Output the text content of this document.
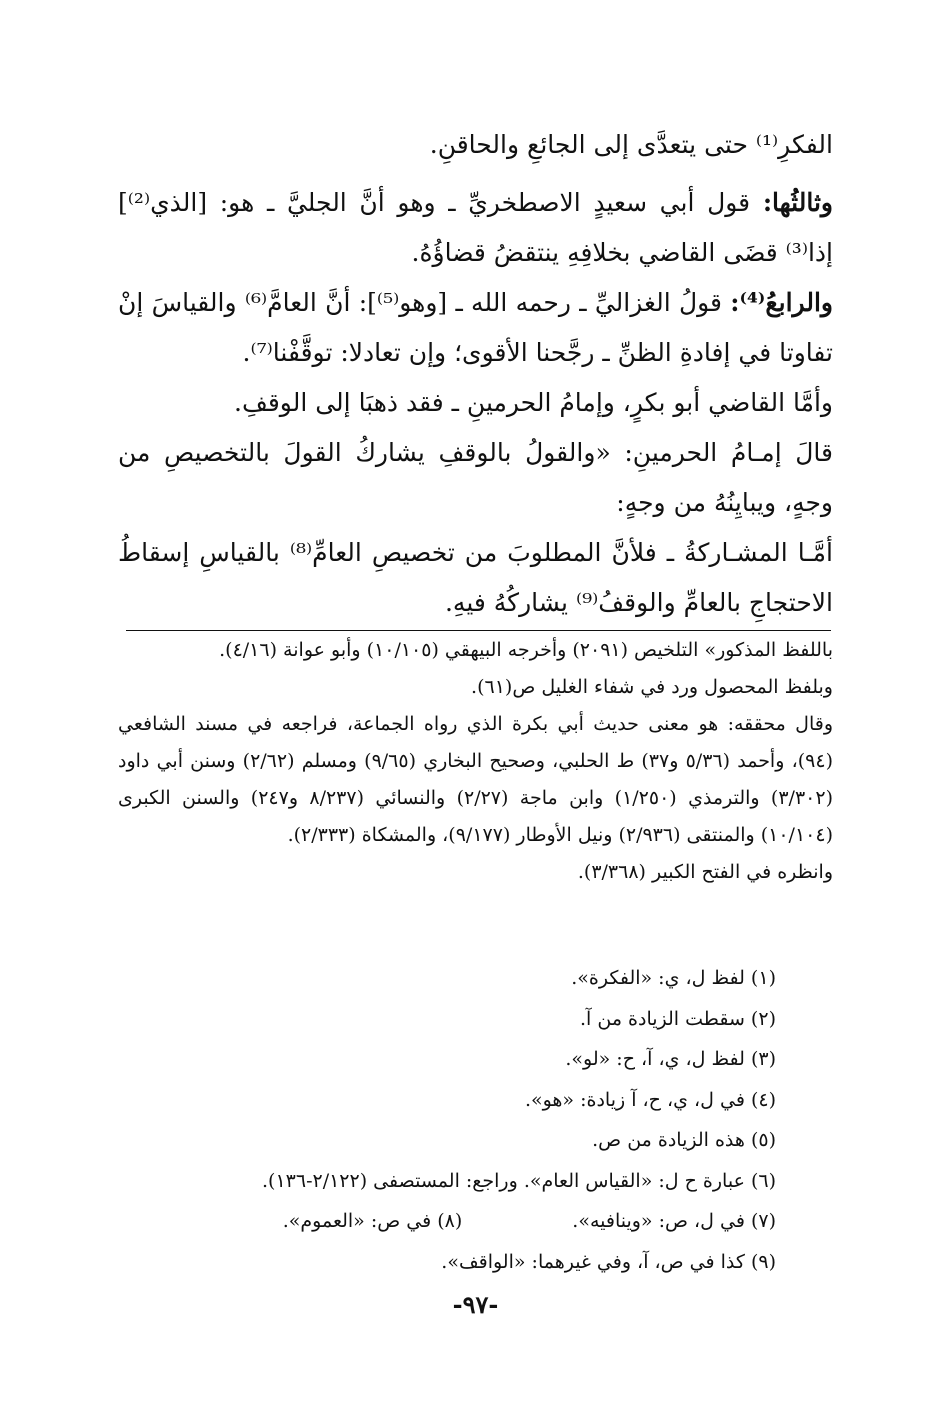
الفكرِ⁽¹⁾ حتى يتعدَّى إلى الجائعِ والحاقنِ.

وثالثُها: قول أبي سعيدٍ الاصطخريِّ ـ وهو أنَّ الجليَّ ـ هو: [الذي⁽²⁾] إذا⁽³⁾ قضَى القاضي بخلافِهِ ينتقضُ قضاؤُهُ.

والرابعُ⁽⁴⁾: قولُ الغزاليِّ ـ رحمه الله ـ [وهو⁽⁵⁾]: أنَّ العامَّ⁽⁶⁾ والقياسَ إنْ تفاوتا في إفادةِ الظنِّ ـ رجَّحنا الأقوى؛ وإن تعادلا: توقَّفْنا⁽⁷⁾.

وأمَّا القاضي أبو بكرٍ، وإمامُ الحرمينِ ـ فقد ذهبَا إلى الوقفِ.

قالَ إمـامُ الحرمينِ: «والقولُ بالوقفِ يشاركُ القولَ بالتخصيصِ من وجهٍ، ويبايِنُهُ من وجهٍ:

أمَّـا المشـاركةُ ـ فلأنَّ المطلوبَ من تخصيصِ العامِّ⁽⁸⁾ بالقياسِ إسقاطُ الاحتجاجِ بالعامِّ والوقفُ⁽⁹⁾ يشاركُهُ فيهِ.

باللفظ المذكور» التلخيص (٢٠٩١) وأخرجه البيهقي (١٠/١٠٥) وأبو عوانة (٤/١٦).

وبلفظ المحصول ورد في شفاء الغليل ص(٦١).

وقال محققه: هو معنى حديث أبي بكرة الذي رواه الجماعة، فراجعه في مسند الشافعي (٩٤)، وأحمد (٥/٣٦ و٣٧) ط الحلبي، وصحيح البخاري (٩/٦٥) ومسلم (٢/٦٢) وسنن أبي داود (٣/٣٠٢) والترمذي (١/٢٥٠) وابن ماجة (٢/٢٧) والنسائي (٨/٢٣٧ و٢٤٧) والسنن الكبرى (١٠/١٠٤) والمنتقى (٢/٩٣٦) ونيل الأوطار (٩/١٧٧)، والمشكاة (٢/٣٣٣).

وانظره في الفتح الكبير (٣/٣٦٨).

(١) لفظ ل، ي: «الفكرة».

(٢) سقطت الزيادة من آ.

(٣) لفظ ل، ي، آ، ح: «لو».

(٤) في ل، ي، ح، آ زيادة: «هو».

(٥) هذه الزيادة من ص.

(٦) عبارة ح ل: «القياس العام». وراجع: المستصفى (٢/١٢٢-١٣٦).

(٧) في ل، ص: «وينافيه».
(٨) في ص: «العموم».

(٩) كذا في ص، آ، وفي غيرهما: «الواقف».

-٩٧-
